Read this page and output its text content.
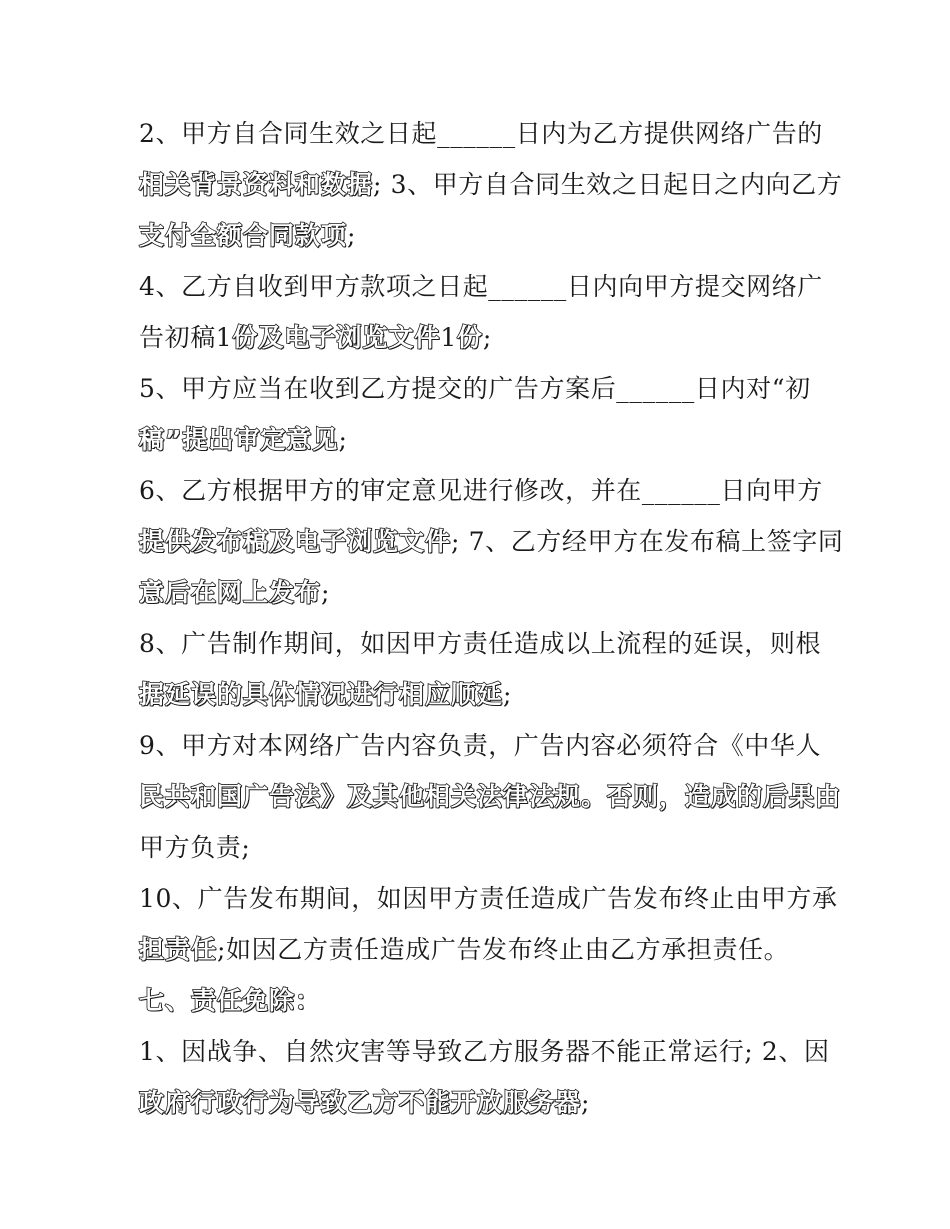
2、甲方自合同生效之日起______日内为乙方提供网络广告的

相关背景资料和数据; 3、甲方自合同生效之日起日之内向乙方

支付全额合同款项;

4、乙方自收到甲方款项之日起______日内向甲方提交网络广

告初稿1份及电子浏览文件1份;

5、甲方应当在收到乙方提交的广告方案后______日内对“初

稿”提出审定意见;

6、乙方根据甲方的审定意见进行修改，并在______日向甲方

提供发布稿及电子浏览文件; 7、乙方经甲方在发布稿上签字同

意后在网上发布;

8、广告制作期间，如因甲方责任造成以上流程的延误，则根

据延误的具体情况进行相应顺延;

9、甲方对本网络广告内容负责，广告内容必须符合《中华人

民共和国广告法》及其他相关法律法规。否则，造成的后果由

甲方负责;

10、广告发布期间，如因甲方责任造成广告发布终止由甲方承

担责任;如因乙方责任造成广告发布终止由乙方承担责任。

七、责任免除：

1、因战争、自然灾害等导致乙方服务器不能正常运行; 2、因

政府行政行为导致乙方不能开放服务器;
